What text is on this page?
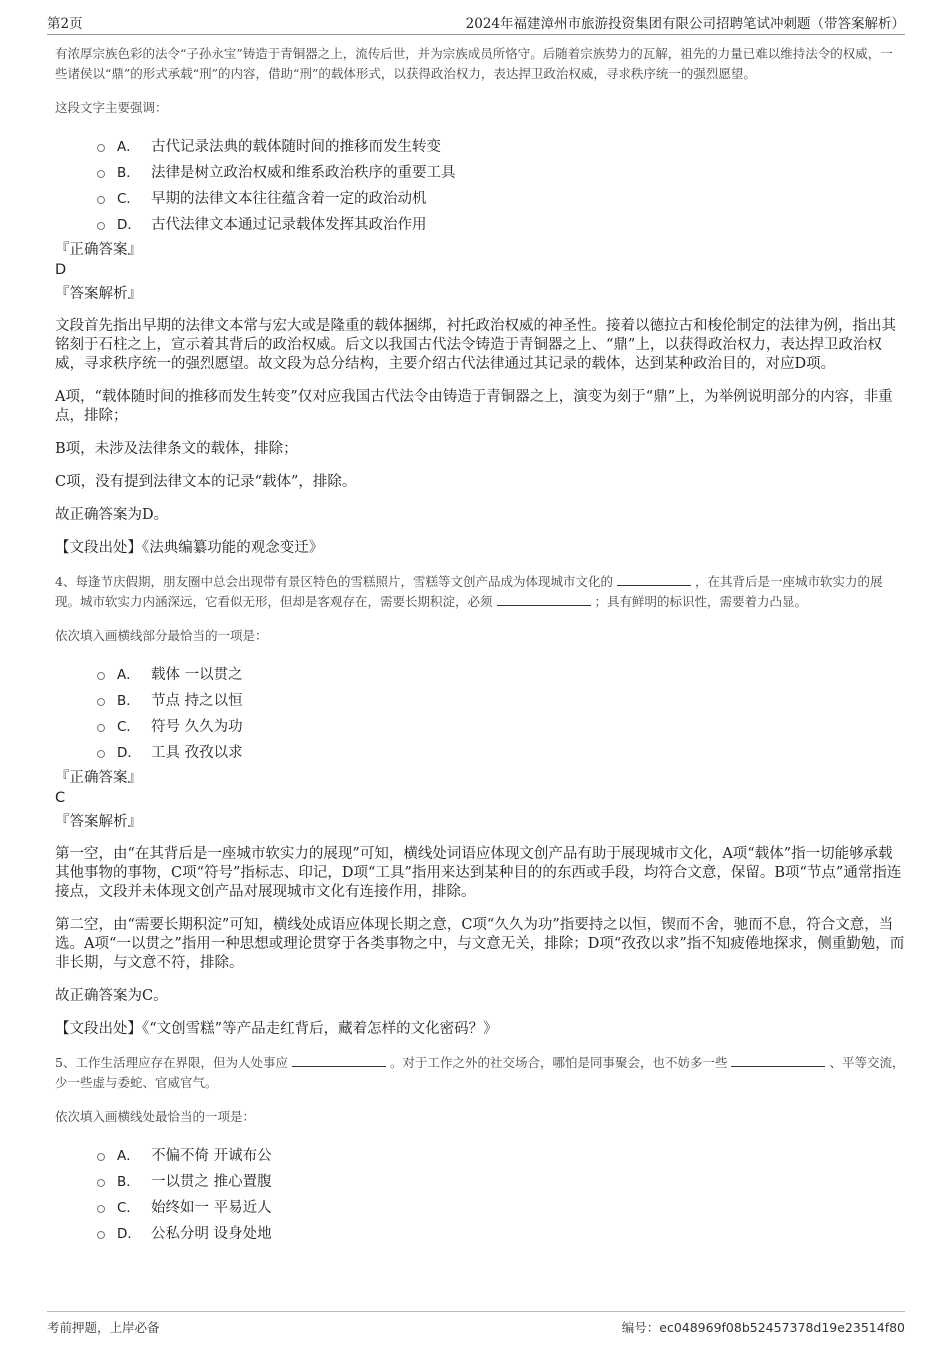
第2页	2024年福建漳州市旅游投资集团有限公司招聘笔试冲刺题（带答案解析）

有浓厚宗族色彩的法令“子孙永宝”铸造于青铜器之上，流传后世，并为宗族成员所恪守。后随着宗族势力的瓦解，祖先的力量已难以维持法令的权威，一些诸侯以“鼎”的形式承载“刑”的内容，借助“刑”的载体形式，以获得政治权力，表达捍卫政治权威，寻求秩序统一的强烈愿望。

这段文字主要强调：

A． 古代记录法典的载体随时间的推移而发生转变
B． 法律是树立政治权威和维系政治秩序的重要工具
C． 早期的法律文本往往蕴含着一定的政治动机
D． 古代法律文本通过记录载体发挥其政治作用
『正确答案』
D
『答案解析』

文段首先指出早期的法律文本常与宏大或是隆重的载体捆绑，衬托政治权威的神圣性。接着以德拉古和梭伦制定的法律为例，指出其铭刻于石柱之上，宣示着其背后的政治权威。后文以我国古代法令铸造于青铜器之上、“鼎”上，以获得政治权力，表达捍卫政治权威，寻求秩序统一的强烈愿望。故文段为总分结构，主要介绍古代法律通过其记录的载体，达到某种政治目的，对应D项。

A项，“载体随时间的推移而发生转变”仅对应我国古代法令由铸造于青铜器之上，演变为刻于“鼎”上，为举例说明部分的内容，非重点，排除；

B项，未涉及法律条文的载体，排除；

C项，没有提到法律文本的记录“载体”，排除。

故正确答案为D。

【文段出处】《法典编纂功能的观念变迁》

4、每逢节庆假期，朋友圈中总会出现带有景区特色的雪糕照片，雪糕等文创产品成为体现城市文化的	，在其背后是一座城市软实力的展现。城市软实力内涵深远，它看似无形，但却是客观存在，需要长期积淀，必须	；具有鲜明的标识性，需要着力凸显。

依次填入画横线部分最恰当的一项是：

A． 载体 一以贯之
B． 节点 持之以恒
C． 符号 久久为功
D． 工具 孜孜以求
『正确答案』
C
『答案解析』

第一空，由“在其背后是一座城市软实力的展现”可知，横线处词语应体现文创产品有助于展现城市文化，A项“载体”指一切能够承载其他事物的事物，C项“符号”指标志、印记，D项“工具”指用来达到某种目的的东西或手段，均符合文意，保留。B项“节点”通常指连接点，文段并未体现文创产品对展现城市文化有连接作用，排除。

第二空，由“需要长期积淀”可知，横线处成语应体现长期之意，C项“久久为功”指要持之以恒，锲而不舍，驰而不息，符合文意，当选。A项“一以贯之”指用一种思想或理论贯穿于各类事物之中，与文意无关，排除；D项“孜孜以求”指不知疲倦地探求，侧重勤勉，而非长期，与文意不符，排除。

故正确答案为C。

【文段出处】《“文创雪糕”等产品走红背后，藏着怎样的文化密码？》

5、工作生活理应存在界限，但为人处事应	。对于工作之外的社交场合，哪怕是同事聚会，也不妨多一些	、平等交流，少一些虚与委蛇、官威官气。

依次填入画横线处最恰当的一项是：

A． 不偏不倚 开诚布公
B． 一以贯之 推心置腹
C． 始终如一 平易近人
D． 公私分明 设身处地
考前押题，上岸必备	编号：ec048969f08b52457378d19e23514f80
